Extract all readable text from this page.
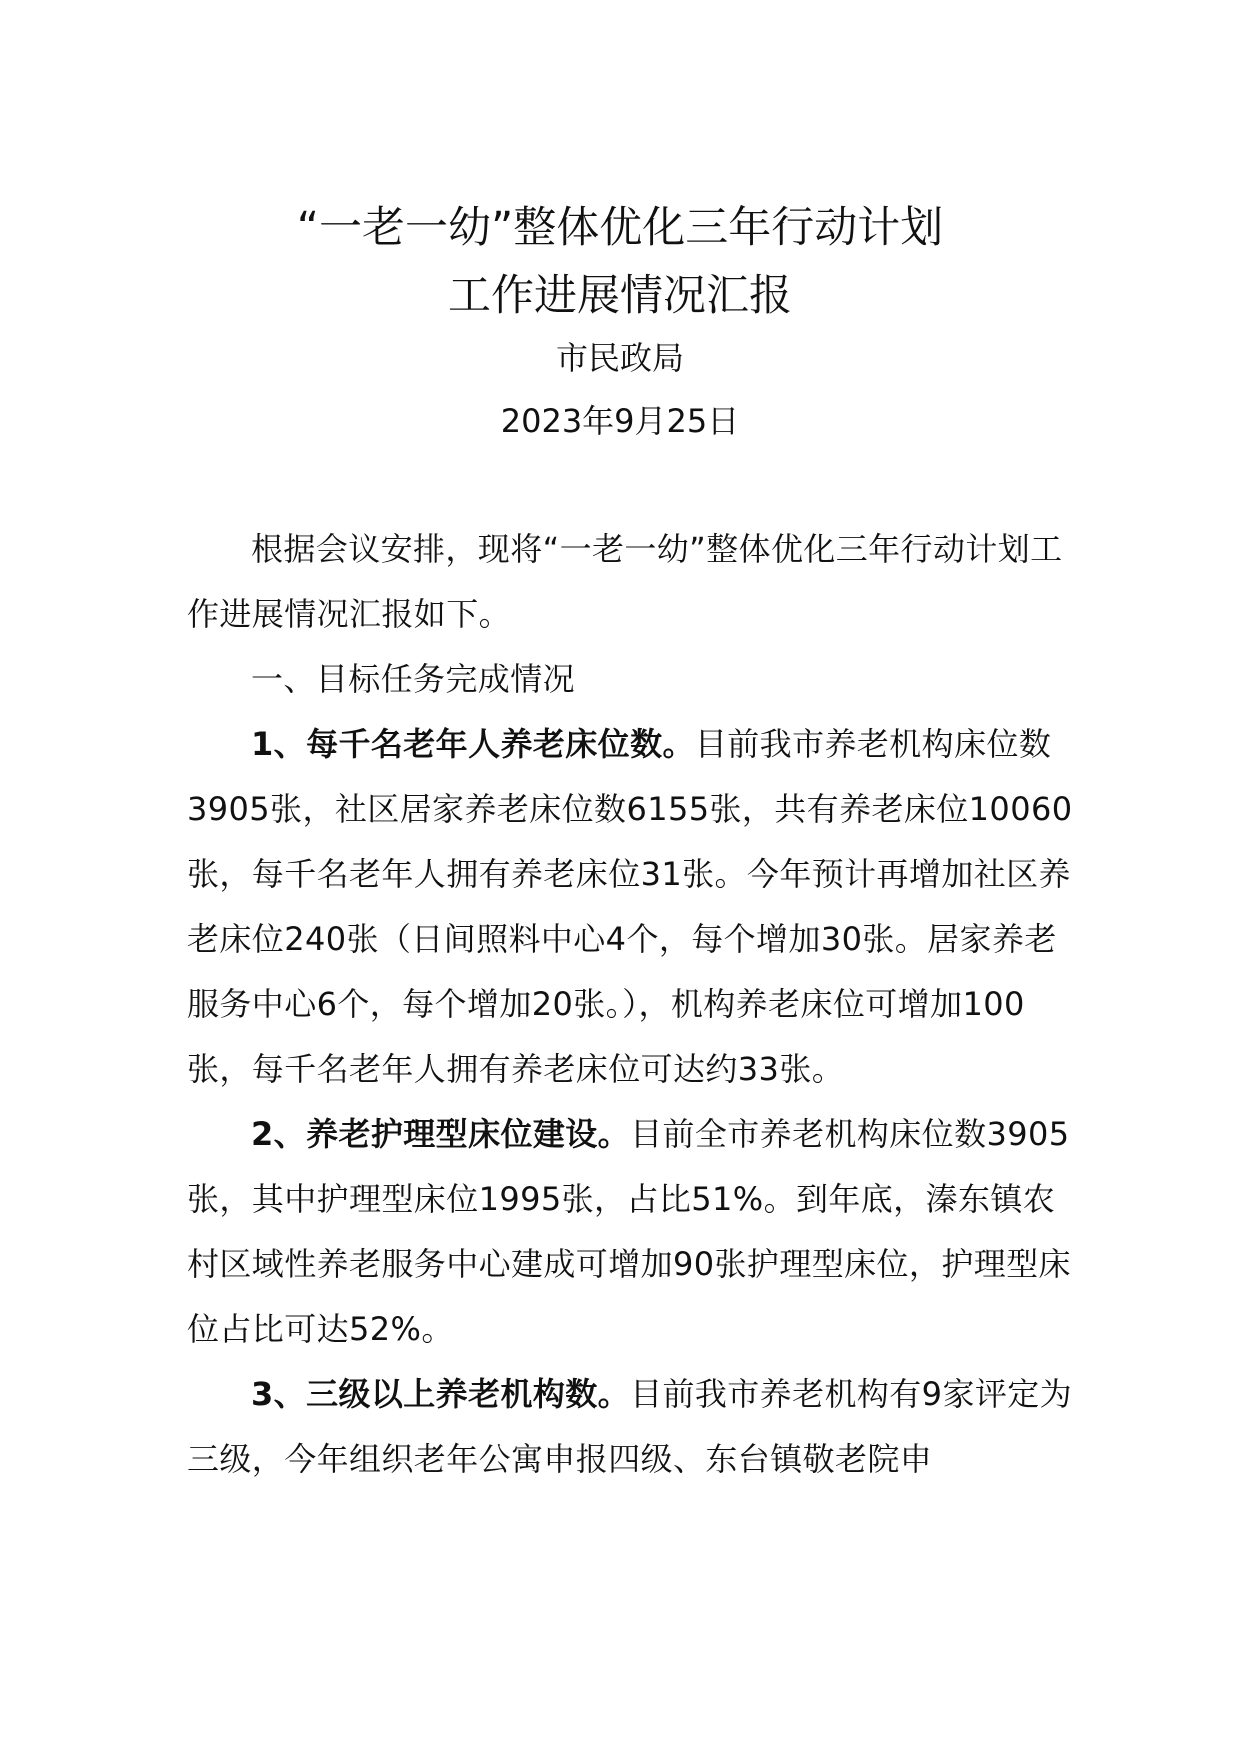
“一老一幼”整体优化三年行动计划
工作进展情况汇报
市民政局
2023年9月25日

根据会议安排，现将“一老一幼”整体优化三年行动计划工作进展情况汇报如下。

一、目标任务完成情况

1、每千名老年人养老床位数。目前我市养老机构床位数3905张，社区居家养老床位数6155张，共有养老床位10060张，每千名老年人拥有养老床位31张。今年预计再增加社区养老床位240张（日间照料中心4个，每个增加30张。居家养老服务中心6个，每个增加20张。），机构养老床位可增加100张，每千名老年人拥有养老床位可达约33张。

2、养老护理型床位建设。目前全市养老机构床位数3905张，其中护理型床位1995张，占比51%。到年底，溱东镇农村区域性养老服务中心建成可增加90张护理型床位，护理型床位占比可达52%。

3、三级以上养老机构数。目前我市养老机构有9家评定为三级，今年组织老年公寓申报四级、东台镇敬老院申
